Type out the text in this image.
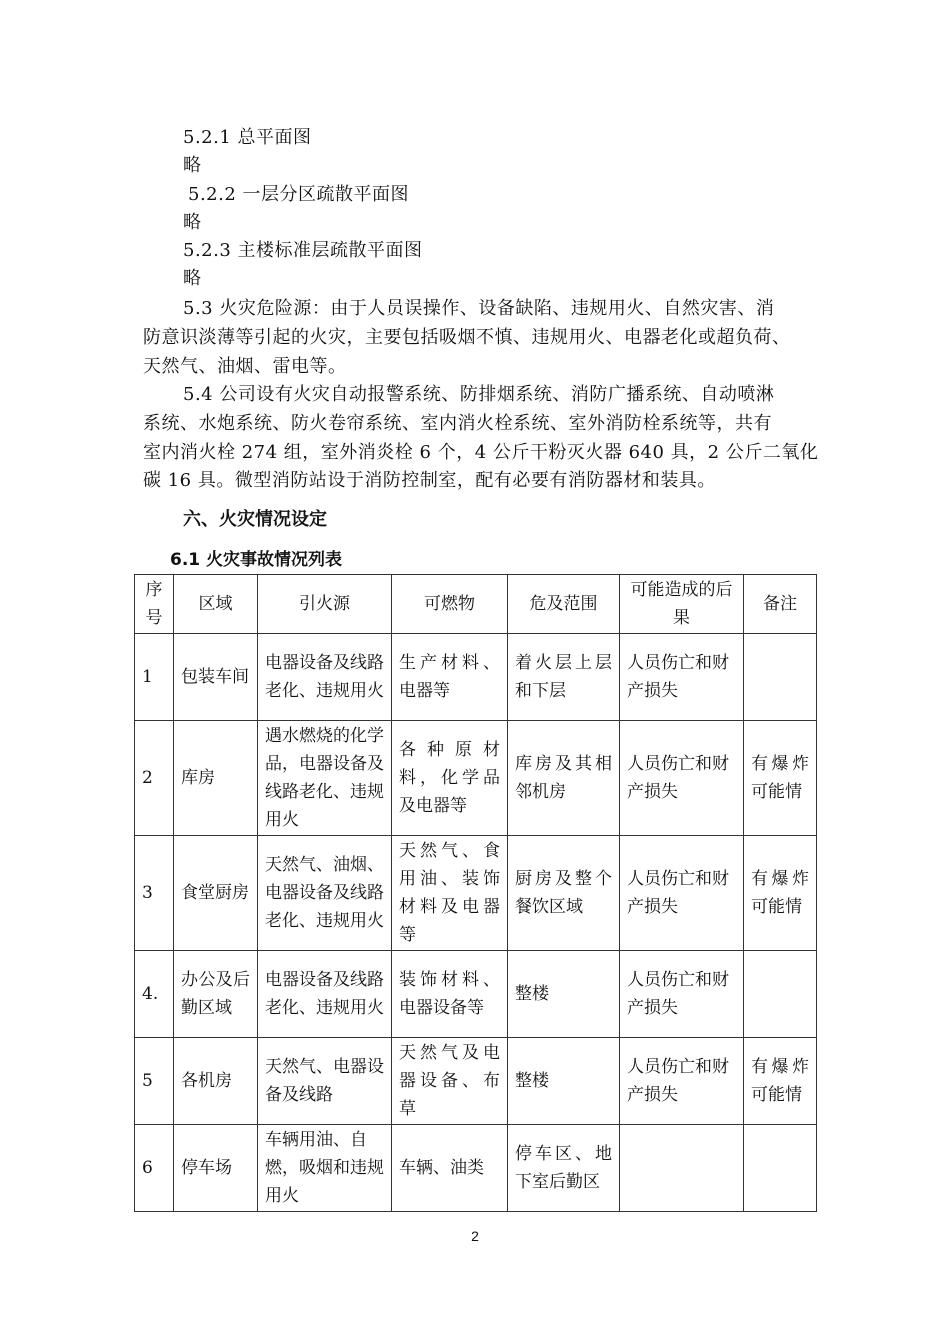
5.2.1 总平面图
略
5.2.2 一层分区疏散平面图
略
5.2.3 主楼标准层疏散平面图
略
5.3 火灾危险源：由于人员误操作、设备缺陷、违规用火、自然灾害、消
防意识淡薄等引起的火灾，主要包括吸烟不慎、违规用火、电器老化或超负荷、
天然气、油烟、雷电等。
5.4 公司设有火灾自动报警系统、防排烟系统、消防广播系统、自动喷淋
系统、水炮系统、防火卷帘系统、室内消火栓系统、室外消防栓系统等，共有
室内消火栓 274 组，室外消炎栓 6 个，4 公斤干粉灭火器 640 具，2 公斤二氧化
碳 16 具。微型消防站设于消防控制室，配有必要有消防器材和装具。
六、火灾情况设定
6.1 火灾事故情况列表
序号	区域	引火源	可燃物	危及范围	可能造成的后果	备注
1	包装车间	电器设备及线路老化、违规用火	生产材料、电器等	着火层上层和下层	人员伤亡和财产损失	
2	库房	遇水燃烧的化学品，电器设备及线路老化、违规用火	各种原材料，化学品及电器等	库房及其相邻机房	人员伤亡和财产损失	有爆炸可能情
3	食堂厨房	天然气、油烟、电器设备及线路老化、违规用火	天然气、食用油、装饰材料及电器等	厨房及整个餐饮区域	人员伤亡和财产损失	有爆炸可能情
4.	办公及后勤区域	电器设备及线路老化、违规用火	装饰材料、电器设备等	整楼	人员伤亡和财产损失	
5	各机房	天然气、电器设备及线路	天然气及电器设备、布草	整楼	人员伤亡和财产损失	有爆炸可能情
6	停车场	车辆用油、自燃，吸烟和违规用火	车辆、油类	停车区、地下室后勤区		
2
